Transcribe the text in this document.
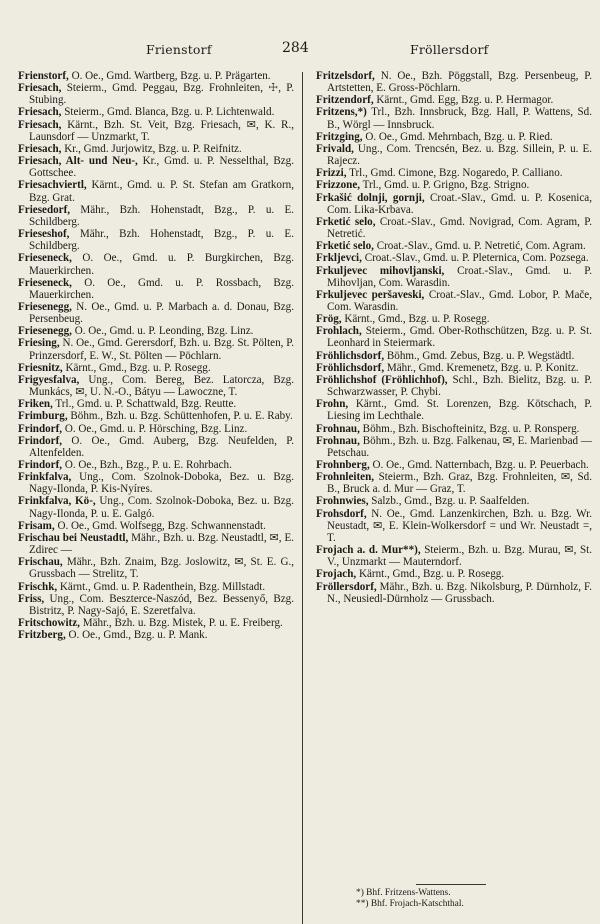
Frienstorf	284	Fröllersdorf

Frienstorf, O. Oe., Gmd. Wartberg, Bzg. u. P. Prägarten.

Friesach, Steierm., Gmd. Peggau, Bzg. Frohnleiten, ☩, P. Stubing.

Friesach, Steierm., Gmd. Blanca, Bzg. u. P. Lichtenwald.

Friesach, Kärnt., Bzh. St. Veit, Bzg. Friesach, ✉, K. R., Launsdorf — Unzmarkt, T.

Friesach, Kr., Gmd. Jurjowitz, Bzg. u. P. Reifnitz.

Friesach, Alt- und Neu-, Kr., Gmd. u. P. Nesselthal, Bzg. Gottschee.

Friesachviertl, Kärnt., Gmd. u. P. St. Stefan am Gratkorn, Bzg. Grat.

Friesedorf, Mähr., Bzh. Hohenstadt, Bzg., P. u. E. Schildberg.

Frieseshof, Mähr., Bzh. Hohenstadt, Bzg., P. u. E. Schildberg.

Frieseneck, O. Oe., Gmd. u. P. Burgkirchen, Bzg. Mauerkirchen.

Frieseneck, O. Oe., Gmd. u. P. Rossbach, Bzg. Mauerkirchen.

Friesenegg, N. Oe., Gmd. u. P. Marbach a. d. Donau, Bzg. Persenbeug.

Friesenegg, O. Oe., Gmd. u. P. Leonding, Bzg. Linz.

Friesing, N. Oe., Gmd. Gerersdorf, Bzh. u. Bzg. St. Pölten, P. Prinzersdorf, E. W., St. Pölten — Pöchlarn.

Friesnitz, Kärnt., Gmd., Bzg. u. P. Rosegg.

Frigyesfalva, Ung., Com. Bereg, Bez. Latorcza, Bzg. Munkács, ✉, U. N.-O., Bátyu — Lawoczne, T.

Friken, Trl., Gmd. u. P. Schattwald, Bzg. Reutte.

Frimburg, Böhm., Bzh. u. Bzg. Schüttenhofen, P. u. E. Raby.

Frindorf, O. Oe., Gmd. u. P. Hörsching, Bzg. Linz.

Frindorf, O. Oe., Gmd. Auberg, Bzg. Neufelden, P. Altenfelden.

Frindorf, O. Oe., Bzh., Bzg., P. u. E. Rohrbach.

Frinkfalva, Ung., Com. Szolnok-Doboka, Bez. u. Bzg. Nagy-Ilonda, P. Kis-Nyíres.

Frinkfalva, Kö-, Ung., Com. Szolnok-Doboka, Bez. u. Bzg. Nagy-Ilonda, P. u. E. Galgó.

Frisam, O. Oe., Gmd. Wolfsegg, Bzg. Schwannenstadt.

Frischau bei Neustadtl, Mähr., Bzh. u. Bzg. Neustadtl, ✉, E. Zdirec —

Frischau, Mähr., Bzh. Znaim, Bzg. Joslowitz, ✉, St. E. G., Grussbach — Strelitz, T.

Frischk, Kärnt., Gmd. u. P. Radenthein, Bzg. Millstadt.

Friss, Ung., Com. Beszterce-Naszód, Bez. Bessenyő, Bzg. Bistritz, P. Nagy-Sajó, E. Szeretfalva.

Fritschowitz, Mähr., Bzh. u. Bzg. Mistek, P. u. E. Freiberg.

Fritzberg, O. Oe., Gmd., Bzg. u. P. Mank.

Fritzelsdorf, N. Oe., Bzh. Pöggstall, Bzg. Persenbeug, P. Artstetten, E. Gross-Pöchlarn.

Fritzendorf, Kärnt., Gmd. Egg, Bzg. u. P. Hermagor.

Fritzens,*) Trl., Bzh. Innsbruck, Bzg. Hall, P. Wattens, Sd. B., Wörgl — Innsbruck.

Fritzging, O. Oe., Gmd. Mehrnbach, Bzg. u. P. Ried.

Frivald, Ung., Com. Trencsén, Bez. u. Bzg. Sillein, P. u. E. Rajecz.

Frizzi, Trl., Gmd. Cimone, Bzg. Nogaredo, P. Calliano.

Frizzone, Trl., Gmd. u. P. Grigno, Bzg. Strigno.

Frkašić dolnji, gornji, Croat.-Slav., Gmd. u. P. Kosenica, Com. Lika-Krbava.

Frketić selo, Croat.-Slav., Gmd. Novigrad, Com. Agram, P. Netretić.

Frketić selo, Croat.-Slav., Gmd. u. P. Netretić, Com. Agram.

Frkljevci, Croat.-Slav., Gmd. u. P. Pleternica, Com. Pozsega.

Frkuljevec mihovljanski, Croat.-Slav., Gmd. u. P. Mihovljan, Com. Warasdin.

Frkuljevec peršaveski, Croat.-Slav., Gmd. Lobor, P. Mače, Com. Warasdin.

Frög, Kärnt., Gmd., Bzg. u. P. Rosegg.

Frohlach, Steierm., Gmd. Ober-Rothschützen, Bzg. u. P. St. Leonhard in Steiermark.

Fröhlichsdorf, Böhm., Gmd. Zebus, Bzg. u. P. Wegstädtl.

Fröhlichsdorf, Mähr., Gmd. Kremenetz, Bzg. u. P. Konitz.

Fröhlichshof (Fröhlichhof), Schl., Bzh. Bielitz, Bzg. u. P. Schwarzwasser, P. Chybi.

Frohn, Kärnt., Gmd. St. Lorenzen, Bzg. Kötschach, P. Liesing im Lechthale.

Frohnau, Böhm., Bzh. Bischofteinitz, Bzg. u. P. Ronsperg.

Frohnau, Böhm., Bzh. u. Bzg. Falkenau, ✉, E. Marienbad — Petschau.

Frohnberg, O. Oe., Gmd. Natternbach, Bzg. u. P. Peuerbach.

Frohnleiten, Steierm., Bzh. Graz, Bzg. Frohnleiten, ✉, Sd. B., Bruck a. d. Mur — Graz, T.

Frohnwies, Salzb., Gmd., Bzg. u. P. Saalfelden.

Frohsdorf, N. Oe., Gmd. Lanzenkirchen, Bzh. u. Bzg. Wr. Neustadt, ✉, E. Klein-Wolkersdorf = und Wr. Neustadt =, T.

Frojach a. d. Mur**), Steierm., Bzh. u. Bzg. Murau, ✉, St. V., Unzmarkt — Mauterndorf.

Frojach, Kärnt., Gmd., Bzg. u. P. Rosegg.

Fröllersdorf, Mähr., Bzh. u. Bzg. Nikolsburg, P. Dürnholz, F. N., Neusiedl-Dürnholz — Grussbach.

*) Bhf. Fritzens-Wattens.
**) Bhf. Frojach-Katschthal.
